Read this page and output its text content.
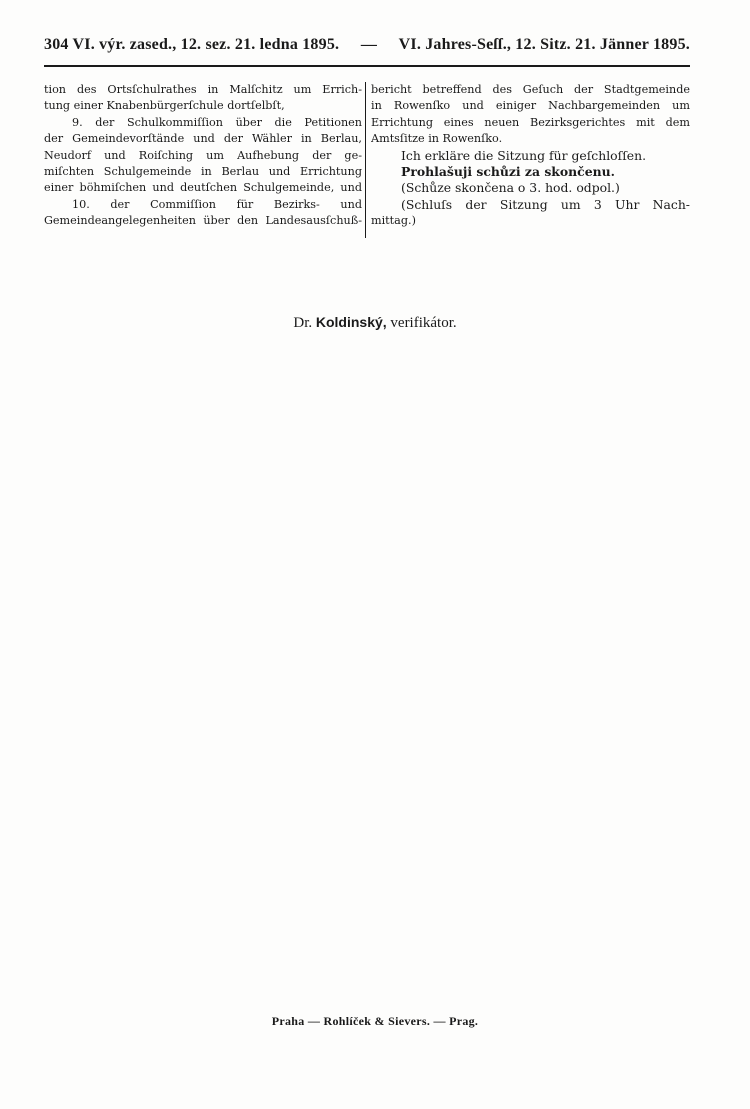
304 VI. výr. zased., 12. sez. 21. ledna 1895. — VI. Jahres-Seſſ., 12. Sitz. 21. Jänner 1895.
tion des Ortsſchulrathes in Malſchitz um Errich-
tung einer Knabenbürgerſchule dortſelbſt,
9. der Schulkommiſſion über die Petitionen
der Gemeindevorſtände und der Wähler in Berlau,
Neudorf und Roiſching um Aufhebung der ge-
miſchten Schulgemeinde in Berlau und Errichtung
einer böhmiſchen und deutſchen Schulgemeinde, und
10. der Commiſſion für Bezirks- und
Gemeindeangelegenheiten über den Landesausſchuß-
bericht betreffend des Geſuch der Stadtgemeinde
in Rowenſko und einiger Nachbargemeinden um
Errichtung eines neuen Bezirksgerichtes mit dem
Amtsſitze in Rowenſko.
Ich erkläre die Sitzung für geſchloſſen.
Prohlašuji schůzi za skončenu.
(Schůze skončena o 3. hod. odpol.)
(Schluſs der Sitzung um 3 Uhr Nach-
mittag.)
Dr. Koldinský, verifikátor.
Praha — Rohlíček & Sievers. — Prag.
